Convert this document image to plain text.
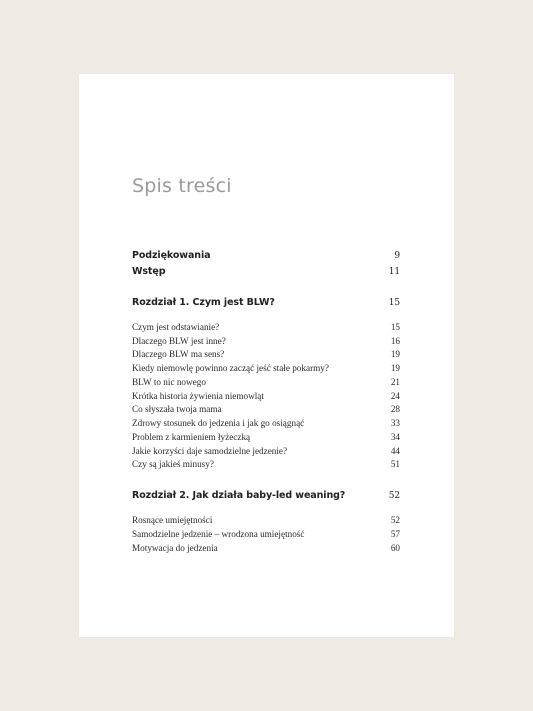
Spis treści
Podziękowania	9
Wstęp	11
Rozdział 1. Czym jest BLW?	15
Czym jest odstawianie?	15
Dlaczego BLW jest inne?	16
Dlaczego BLW ma sens?	19
Kiedy niemowlę powinno zacząć jeść stałe pokarmy?	19
BLW to nic nowego	21
Krótka historia żywienia niemowląt	24
Co słyszała twoja mama	28
Zdrowy stosunek do jedzenia i jak go osiągnąć	33
Problem z karmieniem łyżeczką	34
Jakie korzyści daje samodzielne jedzenie?	44
Czy są jakieś minusy?	51
Rozdział 2. Jak działa baby-led weaning?	52
Rosnące umiejętności	52
Samodzielne jedzenie – wrodzona umiejętność	57
Motywacja do jedzenia	60
